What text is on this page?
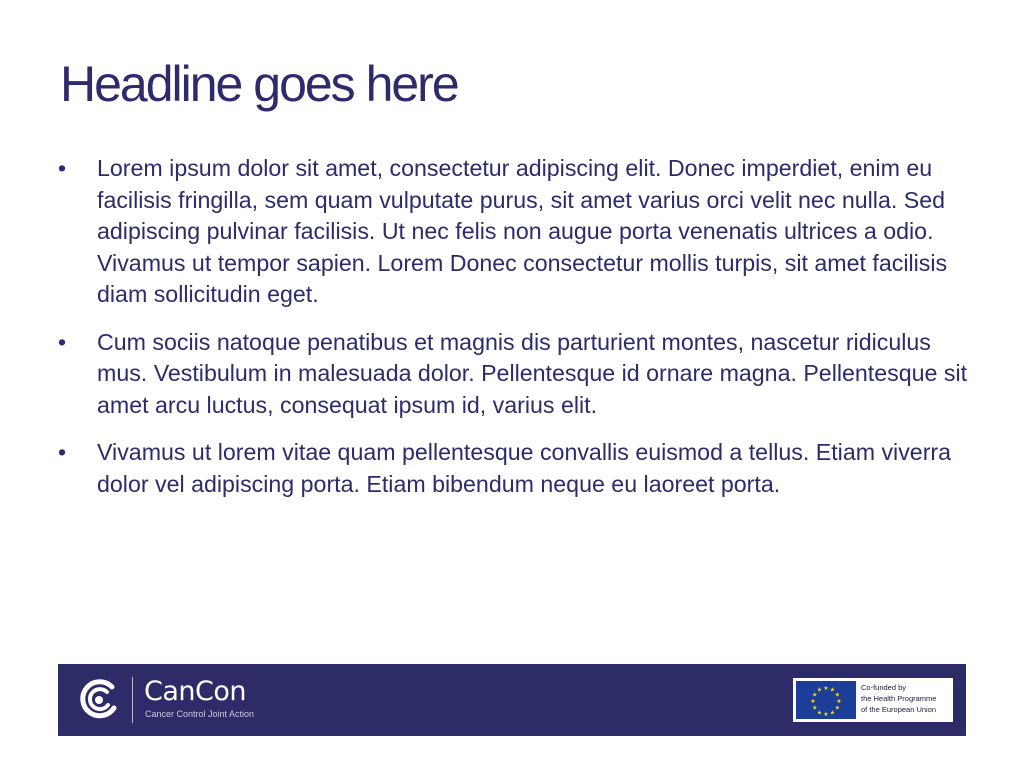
Headline goes here
• Lorem ipsum dolor sit amet, consectetur adipiscing elit. Donec imperdiet, enim eu facilisis fringilla, sem quam vulputate purus, sit amet varius orci velit nec nulla. Sed adipiscing pulvinar facilisis. Ut nec felis non augue porta venenatis ultrices a odio. Vivamus ut tempor sapien. Lorem Donec consectetur mollis turpis, sit amet facilisis diam sollicitudin eget.
• Cum sociis natoque penatibus et magnis dis parturient montes, nascetur ridiculus mus. Vestibulum in malesuada dolor. Pellentesque id ornare magna. Pellentesque sit amet arcu luctus, consequat ipsum id, varius elit.
• Vivamus ut lorem vitae quam pellentesque convallis euismod a tellus. Etiam viverra dolor vel adipiscing porta. Etiam bibendum neque eu laoreet porta.
CanCon
Cancer Control Joint Action
★ ★
★
★
★
★
★
★
★
★
★
★	Co-funded by
the Health Programme
of the European Union
